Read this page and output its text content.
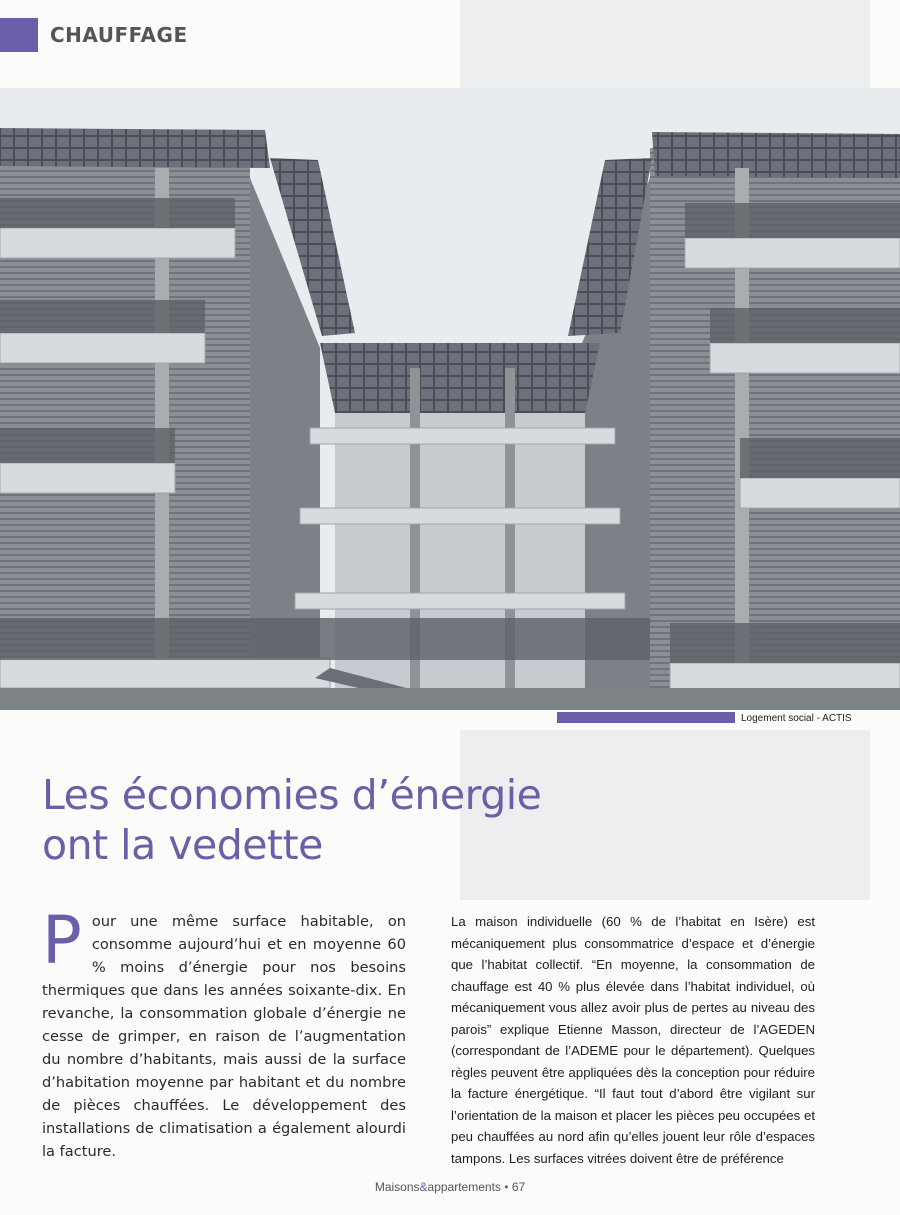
CHAUFFAGE
Logement social - ACTIS
Les économies d’énergie
ont la vedette

Pour une même surface habitable, on consomme aujourd’hui et en moyenne 60 % moins d’énergie pour nos besoins thermiques que dans les années soixante-dix. En revanche, la consommation globale d’énergie ne cesse de grimper, en raison de l’augmentation du nombre d’habitants, mais aussi de la surface d’habitation moyenne par habitant et du nombre de pièces chauffées. Le développement des installations de climatisation a également alourdi la facture.

La maison individuelle (60 % de l’habitat en Isère) est mécaniquement plus consommatrice d’espace et d’énergie que l’habitat collectif. “En moyenne, la consommation de chauffage est 40 % plus élevée dans l’habitat individuel, où mécaniquement vous allez avoir plus de pertes au niveau des parois” explique Etienne Masson, directeur de l’AGEDEN (correspondant de l’ADEME pour le département). Quelques règles peuvent être appliquées dès la conception pour réduire la facture énergétique. “Il faut tout d’abord être vigilant sur l’orientation de la maison et placer les pièces peu occupées et peu chauffées au nord afin qu’elles jouent leur rôle d’espaces tampons. Les surfaces vitrées doivent être de préférence

Maisons&appartements • 67
